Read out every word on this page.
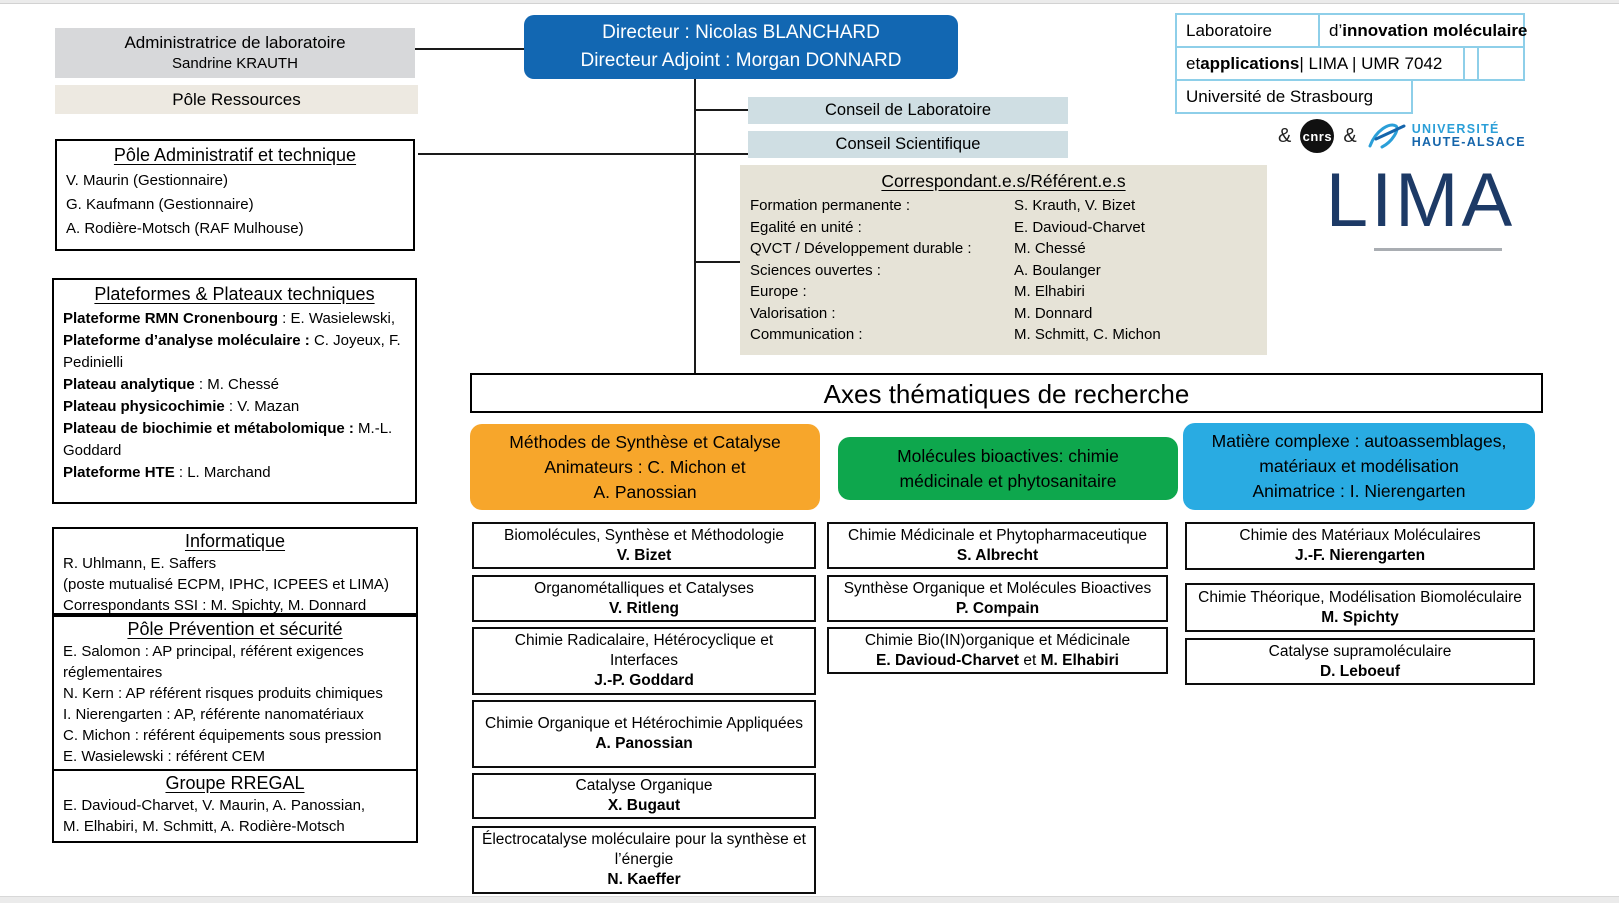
Administratrice de laboratoire
Sandrine KRAUTH
Pôle Ressources
Pôle Administratif et technique
V. Maurin (Gestionnaire)
G. Kaufmann (Gestionnaire)
A. Rodière-Motsch (RAF Mulhouse)
Plateformes & Plateaux techniques
Plateforme RMN Cronenbourg : E. Wasielewski,
Plateforme d’analyse moléculaire : C. Joyeux, F. Pedinielli
Plateau analytique : M. Chessé
Plateau physicochimie : V. Mazan
Plateau de biochimie et métabolomique : M.-L. Goddard
Plateforme HTE : L. Marchand
Informatique
R. Uhlmann, E. Saffers
(poste mutualisé ECPM, IPHC, ICPEES et LIMA)
Correspondants SSI : M. Spichty, M. Donnard
Pôle Prévention et sécurité
E. Salomon : AP principal, référent exigences réglementaires
N. Kern : AP référent risques produits chimiques
I. Nierengarten : AP, référente nanomatériaux
C. Michon : référent équipements sous pression
E. Wasielewski : référent CEM
Groupe RREGAL
E. Davioud-Charvet, V. Maurin, A. Panossian,
M. Elhabiri, M. Schmitt, A. Rodière-Motsch
Directeur : Nicolas BLANCHARD
Directeur Adjoint : Morgan DONNARD
Conseil de Laboratoire
Conseil Scientifique
Correspondant.e.s/Référent.e.s
Formation permanente :	S. Krauth, V. Bizet
Egalité en unité :	E. Davioud-Charvet
QVCT / Développement durable :	M. Chessé
Sciences ouvertes :	A. Boulanger
Europe :	M. Elhabiri
Valorisation :	M. Donnard
Communication :	M. Schmitt, C. Michon
Axes thématiques de recherche
Méthodes de Synthèse et Catalyse
Animateurs : C. Michon et
A. Panossian
Molécules bioactives: chimie
médicinale et phytosanitaire
Matière complexe : autoassemblages,
matériaux et modélisation
Animatrice : I. Nierengarten
Biomolécules, Synthèse et Méthodologie
V. Bizet
Organométalliques et Catalyses
V. Ritleng
Chimie Radicalaire, Hétérocyclique et Interfaces
J.-P. Goddard
Chimie Organique et Hétérochimie Appliquées
A. Panossian
Catalyse Organique
X. Bugaut
Électrocatalyse moléculaire pour la synthèse et l’énergie
N. Kaeffer
Chimie Médicinale et Phytopharmaceutique
S. Albrecht
Synthèse Organique et Molécules Bioactives
P. Compain
Chimie Bio(IN)organique et Médicinale
E. Davioud-Charvet et M. Elhabiri
Chimie des Matériaux Moléculaires
J.-F. Nierengarten
Chimie Théorique, Modélisation Biomoléculaire
M. Spichty
Catalyse supramoléculaire
D. Leboeuf
Laboratoire	d’ innovation moléculaire
et applications | LIMA | UMR 7042
Université de Strasbourg
& cnrs &	UNIVERSITÉ
HAUTE-ALSACE
LIMA
